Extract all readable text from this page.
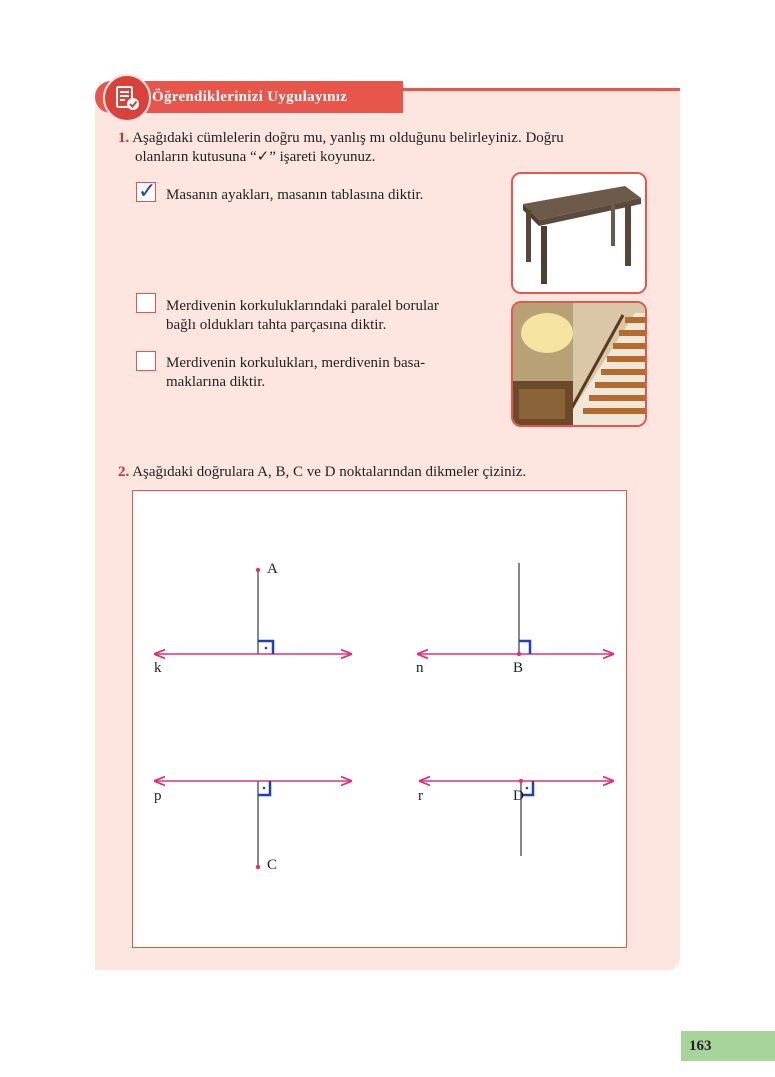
Öğrendiklerinizi Uygulayınız
1. Aşağıdaki cümlelerin doğru mu, yanlış mı olduğunu belirleyiniz. Doğru
olanların kutusuna “✓” işareti koyunuz.
✓ Masanın ayakları, masanın tablasına diktir.
Merdivenin korkuluklarındaki paralel borular
bağlı oldukları tahta parçasına diktir.
Merdivenin korkulukları, merdivenin basa-
maklarına diktir.
2. Aşağıdaki doğrulara A, B, C ve D noktalarından dikmeler çiziniz.
A
k	B
n
C
p	D
r
163
